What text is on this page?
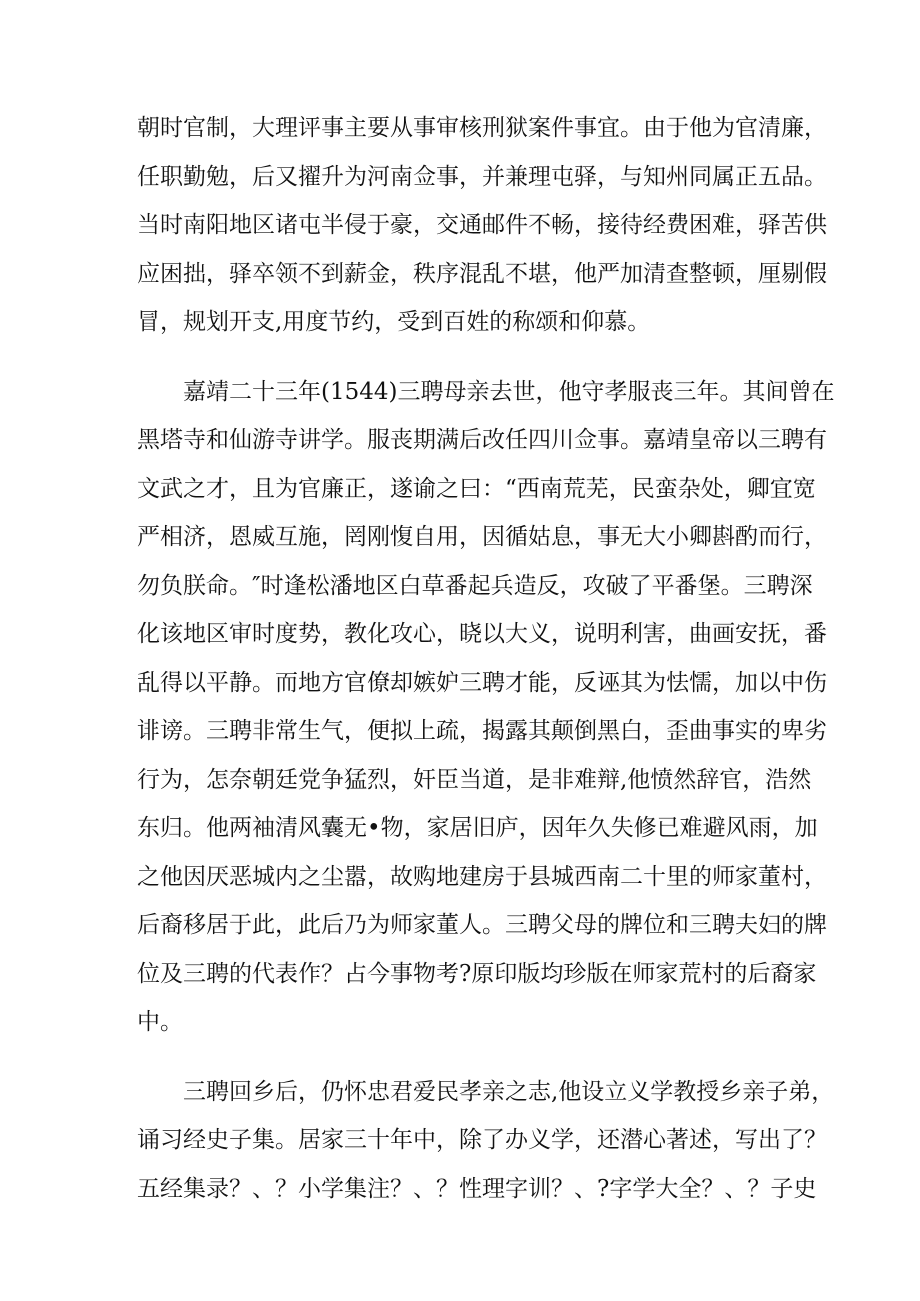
朝时官制，大理评事主要从事审核刑狱案件事宜。由于他为官清廉，
任职勤勉，后又擢升为河南佥事，并兼理屯驿，与知州同属正五品。
当时南阳地区诸屯半侵于豪，交通邮件不畅，接待经费困难，驿苦供
应困拙，驿卒领不到薪金，秩序混乱不堪，他严加清查整顿，厘剔假
冒，规划开支,用度节约，受到百姓的称颂和仰慕。
嘉靖二十三年(1544)三聘母亲去世，他守孝服丧三年。其间曾在
黑塔寺和仙游寺讲学。服丧期满后改任四川佥事。嘉靖皇帝以三聘有
文武之才，且为官廉正，遂谕之曰：“西南荒芜，民蛮杂处，卿宜宽
严相济，恩威互施，罔刚愎自用，因循姑息，事无大小卿斟酌而行，
勿负朕命。″时逢松潘地区白草番起兵造反，攻破了平番堡。三聘深
化该地区审时度势，教化攻心，晓以大义，说明利害，曲画安抚，番
乱得以平静。而地方官僚却嫉妒三聘才能，反诬其为怯懦，加以中伤
诽谤。三聘非常生气，便拟上疏，揭露其颠倒黑白，歪曲事实的卑劣
行为，怎奈朝廷党争猛烈，奸臣当道，是非难辩,他愤然辞官，浩然
东归。他两袖清风囊无•物，家居旧庐，因年久失修已难避风雨，加
之他因厌恶城内之尘嚣，故购地建房于县城西南二十里的师家董村，
后裔移居于此，此后乃为师家董人。三聘父母的牌位和三聘夫妇的牌
位及三聘的代表作？占今事物考?原印版均珍版在师家荒村的后裔家
中。
三聘回乡后，仍怀忠君爱民孝亲之志,他设立义学教授乡亲子弟，
诵习经史子集。居家三十年中，除了办义学，还潜心著述，写出了？
五经集录？、？小学集注？、？性理字训？、?字学大全？、？子史
